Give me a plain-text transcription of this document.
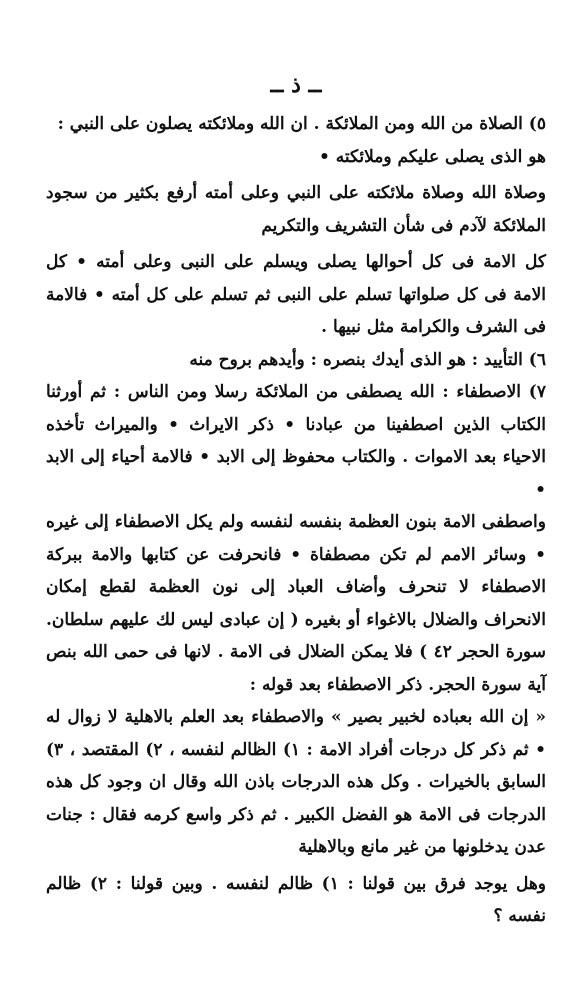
ــ ذ ــ

٥) الصلاة من الله ومن الملائكة . ان الله وملائكته يصلون على النبي :

هو الذى يصلى عليكم وملائكته •

وصلاة الله وصلاة ملائكته على النبي وعلى أمته أرفع بكثير من سجود الملائكة لآدم فى شأن التشريف والتكريم

كل الامة فى كل أحوالها يصلى ويسلم على النبى وعلى أمته • كل الامة فى كل صلواتها تسلم على النبى ثم تسلم على كل أمته • فالامة فى الشرف والكرامة مثل نبيها .

٦) التأييد : هو الذى أيدك بنصره : وأيدهم بروح منه

٧) الاصطفاء : الله يصطفى من الملائكة رسلا ومن الناس : ثم أورثنا الكتاب الذين اصطفينا من عبادنا • ذكر الايراث • والميراث تأخذه الاحياء بعد الاموات . والكتاب محفوظ إلى الابد • فالامة أحياء إلى الابد •

واصطفى الامة بنون العظمة بنفسه لنفسه ولم يكل الاصطفاء إلى غيره • وسائر الامم لم تكن مصطفاة • فانحرفت عن كتابها والامة ببركة الاصطفاء لا تنحرف وأضاف العباد إلى نون العظمة لقطع إمكان الانحراف والضلال بالاغواء أو بغيره ( إن عبادى ليس لك عليهم سلطان. سورة الحجر ٤٢ ) فلا يمكن الضلال فى الامة . لانها فى حمى الله بنص آية سورة الحجر. ذكر الاصطفاء بعد قوله :

« إن الله بعباده لخبير بصير » والاصطفاء بعد العلم بالاهلية لا زوال له • ثم ذكر كل درجات أفراد الامة : ١) الظالم لنفسه ، ٢) المقتصد ، ٣) السابق بالخيرات . وكل هذه الدرجات باذن الله وقال ان وجود كل هذه الدرجات فى الامة هو الفضل الكبير . ثم ذكر واسع كرمه فقال : جنات عدن يدخلونها من غير مانع وبالاهلية

وهل يوجد فرق بين قولنا : ١) ظالم لنفسه . وبين قولنا : ٢) ظالم نفسه ؟
